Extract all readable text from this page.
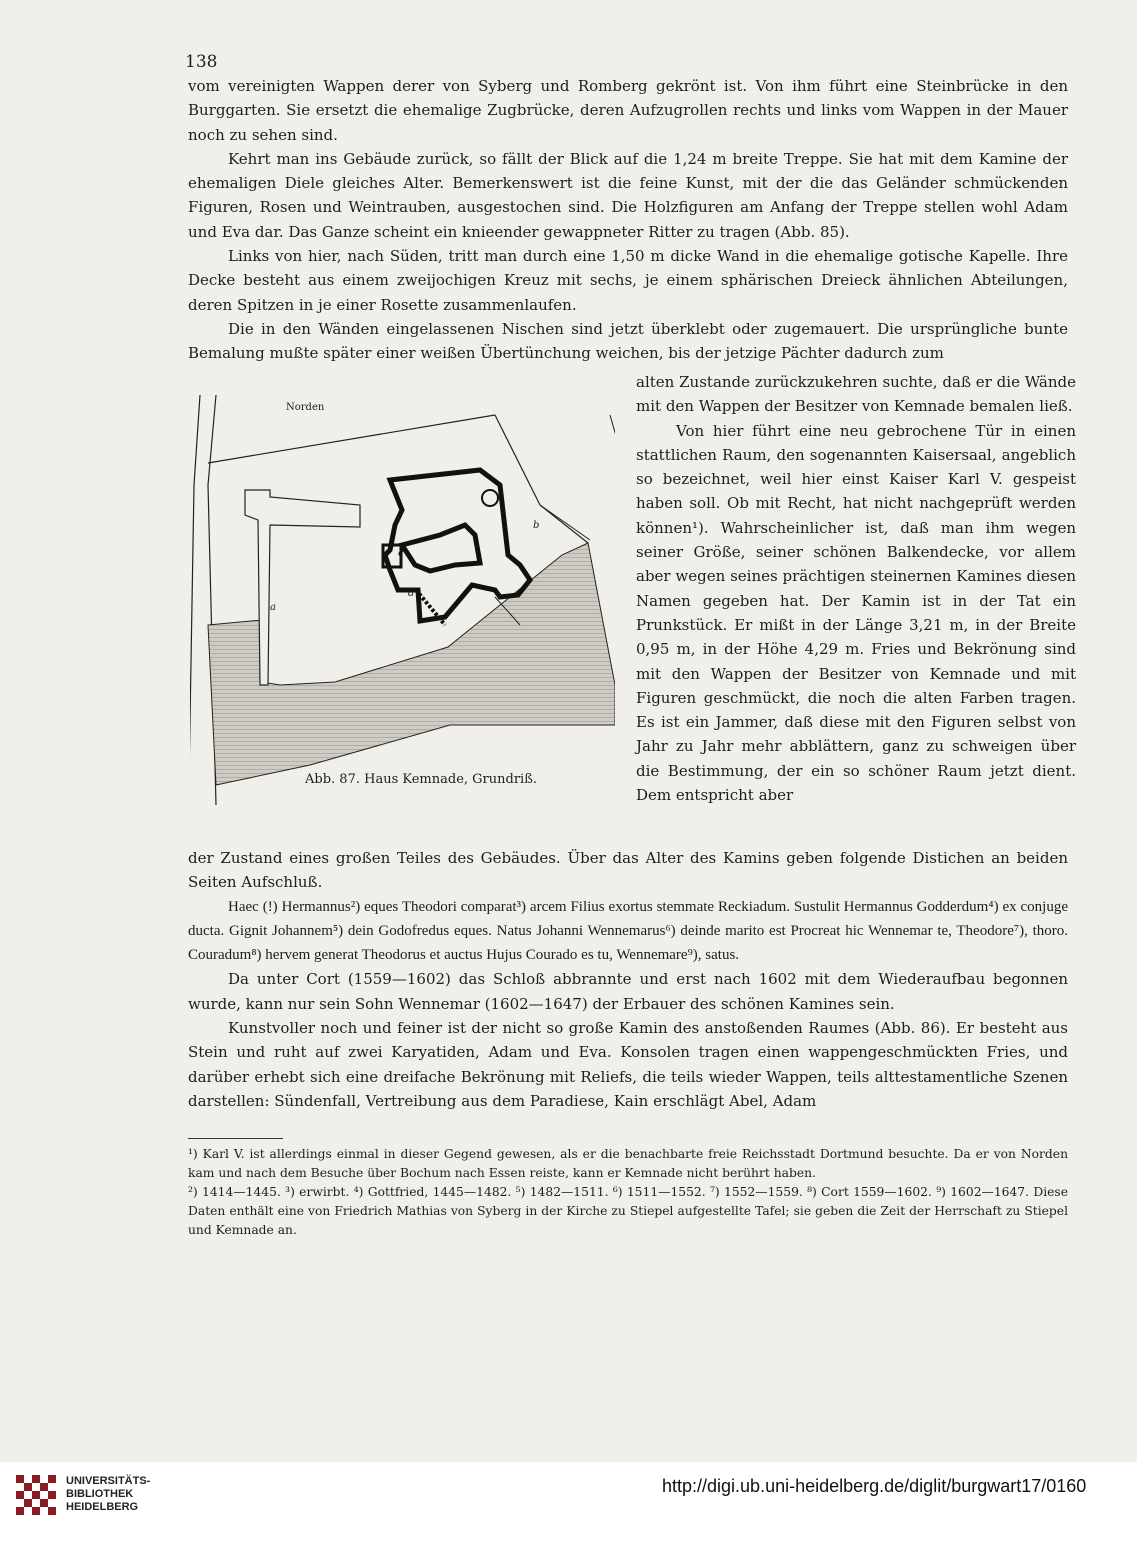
138

vom vereinigten Wappen derer von Syberg und Romberg gekrönt ist. Von ihm führt eine Steinbrücke in den Burggarten. Sie ersetzt die ehemalige Zugbrücke, deren Aufzugrollen rechts und links vom Wappen in der Mauer noch zu sehen sind.

Kehrt man ins Gebäude zurück, so fällt der Blick auf die 1,24 m breite Treppe. Sie hat mit dem Kamine der ehemaligen Diele gleiches Alter. Bemerkenswert ist die feine Kunst, mit der die das Geländer schmückenden Figuren, Rosen und Weintrauben, ausgestochen sind. Die Holzfiguren am Anfang der Treppe stellen wohl Adam und Eva dar. Das Ganze scheint ein knieender gewappneter Ritter zu tragen (Abb. 85).

Links von hier, nach Süden, tritt man durch eine 1,50 m dicke Wand in die ehemalige gotische Kapelle. Ihre Decke besteht aus einem zweijochigen Kreuz mit sechs, je einem sphärischen Dreieck ähnlichen Abteilungen, deren Spitzen in je einer Rosette zusammenlaufen.

Die in den Wänden eingelassenen Nischen sind jetzt überklebt oder zugemauert. Die ursprüngliche bunte Bemalung mußte später einer weißen Übertünchung weichen, bis der jetzige Pächter dadurch zum

alten Zustande zurückzukehren suchte, daß er die Wände mit den Wappen der Besitzer von Kemnade bemalen ließ.

Von hier führt eine neu gebrochene Tür in einen stattlichen Raum, den sogenannten Kaisersaal, angeblich so bezeichnet, weil hier einst Kaiser Karl V. gespeist haben soll. Ob mit Recht, hat nicht nachgeprüft werden können¹). Wahrscheinlicher ist, daß man ihm wegen seiner Größe, seiner schönen Balkendecke, vor allem aber wegen seines prächtigen steinernen Kamines diesen Namen gegeben hat. Der Kamin ist in der Tat ein Prunkstück. Er mißt in der Länge 3,21 m, in der Breite 0,95 m, in der Höhe 4,29 m. Fries und Bekrönung sind mit den Wappen der Besitzer von Kemnade und mit Figuren geschmückt, die noch die alten Farben tragen. Es ist ein Jammer, daß diese mit den Figuren selbst von Jahr zu Jahr mehr abblättern, ganz zu schweigen über die Bestimmung, der ein so schöner Raum jetzt dient. Dem entspricht aber

Norden
c
d
a
b
Abb. 87. Haus Kemnade, Grundriß.

der Zustand eines großen Teiles des Gebäudes. Über das Alter des Kamins geben folgende Distichen an beiden Seiten Aufschluß.

Haec (!) Hermannus²) eques Theodori comparat³) arcem Filius exortus stemmate Reckiadum. Sustulit Hermannus Godderdum⁴) ex conjuge ducta. Gignit Johannem⁵) dein Godofredus eques. Natus Johanni Wennemarus⁶) deinde marito est Procreat hic Wennemar te, Theodore⁷), thoro. Couradum⁸) hervem generat Theodorus et auctus Hujus Courado es tu, Wennemare⁹), satus.

Da unter Cort (1559—1602) das Schloß abbrannte und erst nach 1602 mit dem Wiederaufbau begonnen wurde, kann nur sein Sohn Wennemar (1602—1647) der Erbauer des schönen Kamines sein.

Kunstvoller noch und feiner ist der nicht so große Kamin des anstoßenden Raumes (Abb. 86). Er besteht aus Stein und ruht auf zwei Karyatiden, Adam und Eva. Konsolen tragen einen wappengeschmückten Fries, und darüber erhebt sich eine dreifache Bekrönung mit Reliefs, die teils wieder Wappen, teils alttestamentliche Szenen darstellen: Sündenfall, Vertreibung aus dem Paradiese, Kain erschlägt Abel, Adam

¹) Karl V. ist allerdings einmal in dieser Gegend gewesen, als er die benachbarte freie Reichsstadt Dortmund besuchte. Da er von Norden kam und nach dem Besuche über Bochum nach Essen reiste, kann er Kemnade nicht berührt haben.

²) 1414—1445. ³) erwirbt. ⁴) Gottfried, 1445—1482. ⁵) 1482—1511. ⁶) 1511—1552. ⁷) 1552—1559. ⁸) Cort 1559—1602. ⁹) 1602—1647. Diese Daten enthält eine von Friedrich Mathias von Syberg in der Kirche zu Stiepel aufgestellte Tafel; sie geben die Zeit der Herrschaft zu Stiepel und Kemnade an.

UNIVERSITÄTS-
BIBLIOTHEK
HEIDELBERG
http://digi.ub.uni-heidelberg.de/diglit/burgwart17/0160
